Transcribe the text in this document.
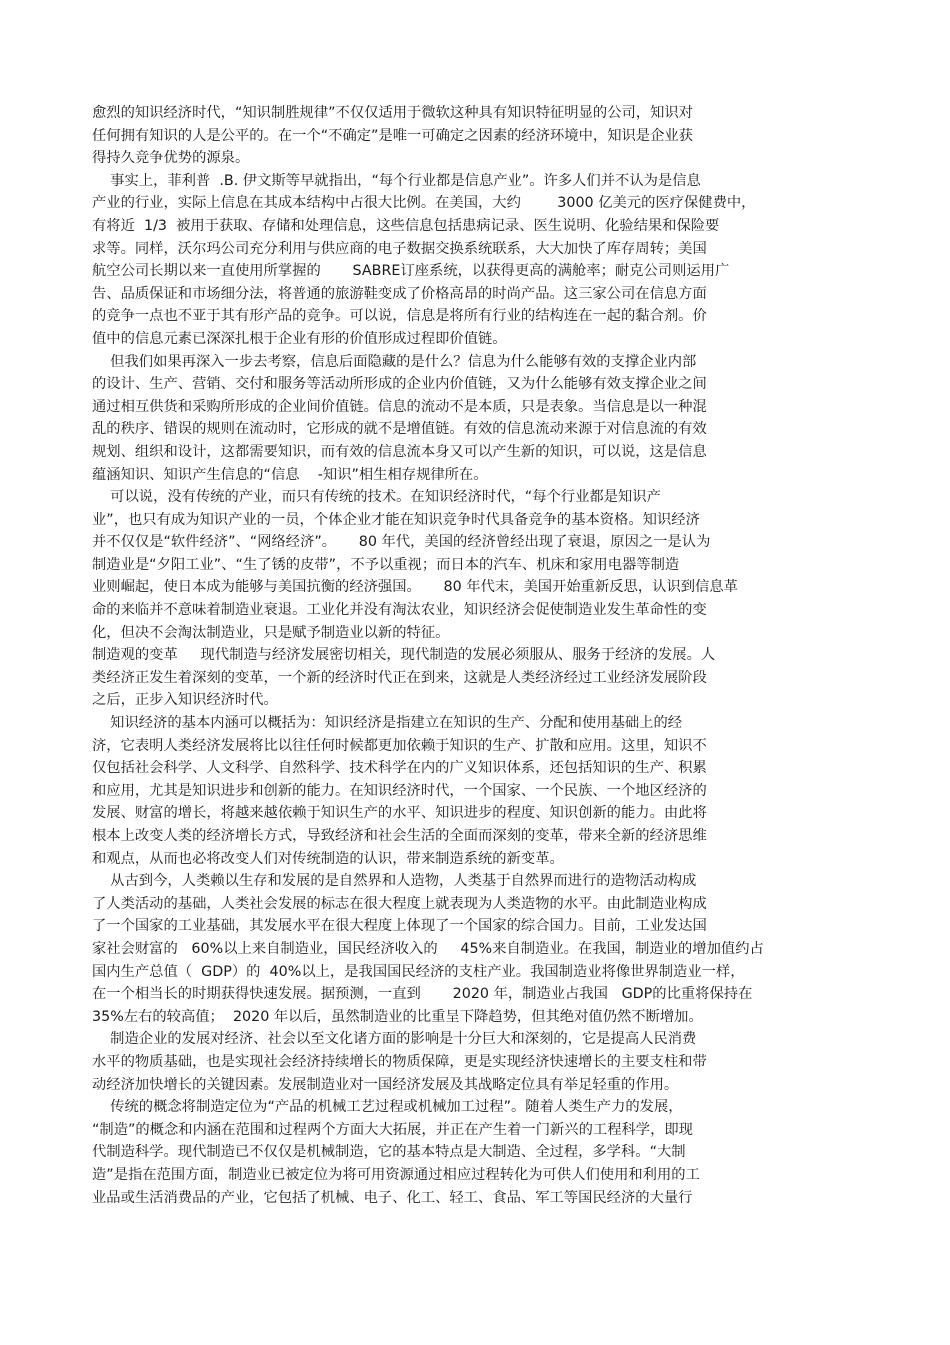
愈烈的知识经济时代，“知识制胜规律”不仅仅适用于微软这种具有知识特征明显的公司，知识对
任何拥有知识的人是公平的。在一个“不确定”是唯一可确定之因素的经济环境中，知识是企业获
得持久竞争优势的源泉。
事实上，菲利普  .B. 伊文斯等早就指出，“每个行业都是信息产业”。许多人们并不认为是信息
产业的行业，实际上信息在其成本结构中占很大比例。在美国，大约        3000 亿美元的医疗保健费中，
有将近  1/3  被用于获取、存储和处理信息，这些信息包括患病记录、医生说明、化验结果和保险要
求等。同样，沃尔玛公司充分利用与供应商的电子数据交换系统联系，大大加快了库存周转；美国
航空公司长期以来一直使用所掌握的       SABRE订座系统，以获得更高的满舱率；耐克公司则运用广
告、品质保证和市场细分法，将普通的旅游鞋变成了价格高昂的时尚产品。这三家公司在信息方面
的竞争一点也不亚于其有形产品的竞争。可以说，信息是将所有行业的结构连在一起的黏合剂。价
值中的信息元素已深深扎根于企业有形的价值形成过程即价值链。
但我们如果再深入一步去考察，信息后面隐藏的是什么？信息为什么能够有效的支撑企业内部
的设计、生产、营销、交付和服务等活动所形成的企业内价值链，又为什么能够有效支撑企业之间
通过相互供货和采购所形成的企业间价值链。信息的流动不是本质，只是表象。当信息是以一种混
乱的秩序、错误的规则在流动时，它形成的就不是增值链。有效的信息流动来源于对信息流的有效
规划、组织和设计，这都需要知识，而有效的信息流本身又可以产生新的知识，可以说，这是信息
蕴涵知识、知识产生信息的“信息    -知识”相生相存规律所在。
可以说，没有传统的产业，而只有传统的技术。在知识经济时代，“每个行业都是知识产
业”，也只有成为知识产业的一员，个体企业才能在知识竞争时代具备竞争的基本资格。知识经济
并不仅仅是“软件经济”、“网络经济”。     80 年代，美国的经济曾经出现了衰退，原因之一是认为
制造业是“夕阳工业”、“生了锈的皮带”，不予以重视；而日本的汽车、机床和家用电器等制造
业则崛起，使日本成为能够与美国抗衡的经济强国。     80 年代末，美国开始重新反思，认识到信息革
命的来临并不意味着制造业衰退。工业化并没有淘汰农业，知识经济会促使制造业发生革命性的变
化，但决不会淘汰制造业，只是赋予制造业以新的特征。
制造观的变革     现代制造与经济发展密切相关，现代制造的发展必须服从、服务于经济的发展。人
类经济正发生着深刻的变革，一个新的经济时代正在到来，这就是人类经济经过工业经济发展阶段
之后，正步入知识经济时代。
知识经济的基本内涵可以概括为：知识经济是指建立在知识的生产、分配和使用基础上的经
济，它表明人类经济发展将比以往任何时候都更加依赖于知识的生产、扩散和应用。这里，知识不
仅包括社会科学、人文科学、自然科学、技术科学在内的广义知识体系，还包括知识的生产、积累
和应用，尤其是知识进步和创新的能力。在知识经济时代，一个国家、一个民族、一个地区经济的
发展、财富的增长，将越来越依赖于知识生产的水平、知识进步的程度、知识创新的能力。由此将
根本上改变人类的经济增长方式，导致经济和社会生活的全面而深刻的变革，带来全新的经济思维
和观点，从而也必将改变人们对传统制造的认识，带来制造系统的新变革。
从古到今，人类赖以生存和发展的是自然界和人造物，人类基于自然界而进行的造物活动构成
了人类活动的基础，人类社会发展的标志在很大程度上就表现为人类造物的水平。由此制造业构成
了一个国家的工业基础，其发展水平在很大程度上体现了一个国家的综合国力。目前，工业发达国
家社会财富的   60%以上来自制造业，国民经济收入的     45%来自制造业。在我国，制造业的增加值约占
国内生产总值（  GDP）的  40%以上，是我国国民经济的支柱产业。我国制造业将像世界制造业一样，
在一个相当长的时期获得快速发展。据预测，一直到       2020 年，制造业占我国   GDP的比重将保持在
35%左右的较高值；  2020 年以后，虽然制造业的比重呈下降趋势，但其绝对值仍然不断增加。
制造企业的发展对经济、社会以至文化诸方面的影响是十分巨大和深刻的，它是提高人民消费
水平的物质基础，也是实现社会经济持续增长的物质保障，更是实现经济快速增长的主要支柱和带
动经济加快增长的关键因素。发展制造业对一国经济发展及其战略定位具有举足轻重的作用。
传统的概念将制造定位为“产品的机械工艺过程或机械加工过程”。随着人类生产力的发展，
“制造”的概念和内涵在范围和过程两个方面大大拓展，并正在产生着一门新兴的工程科学，即现
代制造科学。现代制造已不仅仅是机械制造，它的基本特点是大制造、全过程，多学科。“大制
造”是指在范围方面，制造业已被定位为将可用资源通过相应过程转化为可供人们使用和利用的工
业品或生活消费品的产业，它包括了机械、电子、化工、轻工、食品、军工等国民经济的大量行
